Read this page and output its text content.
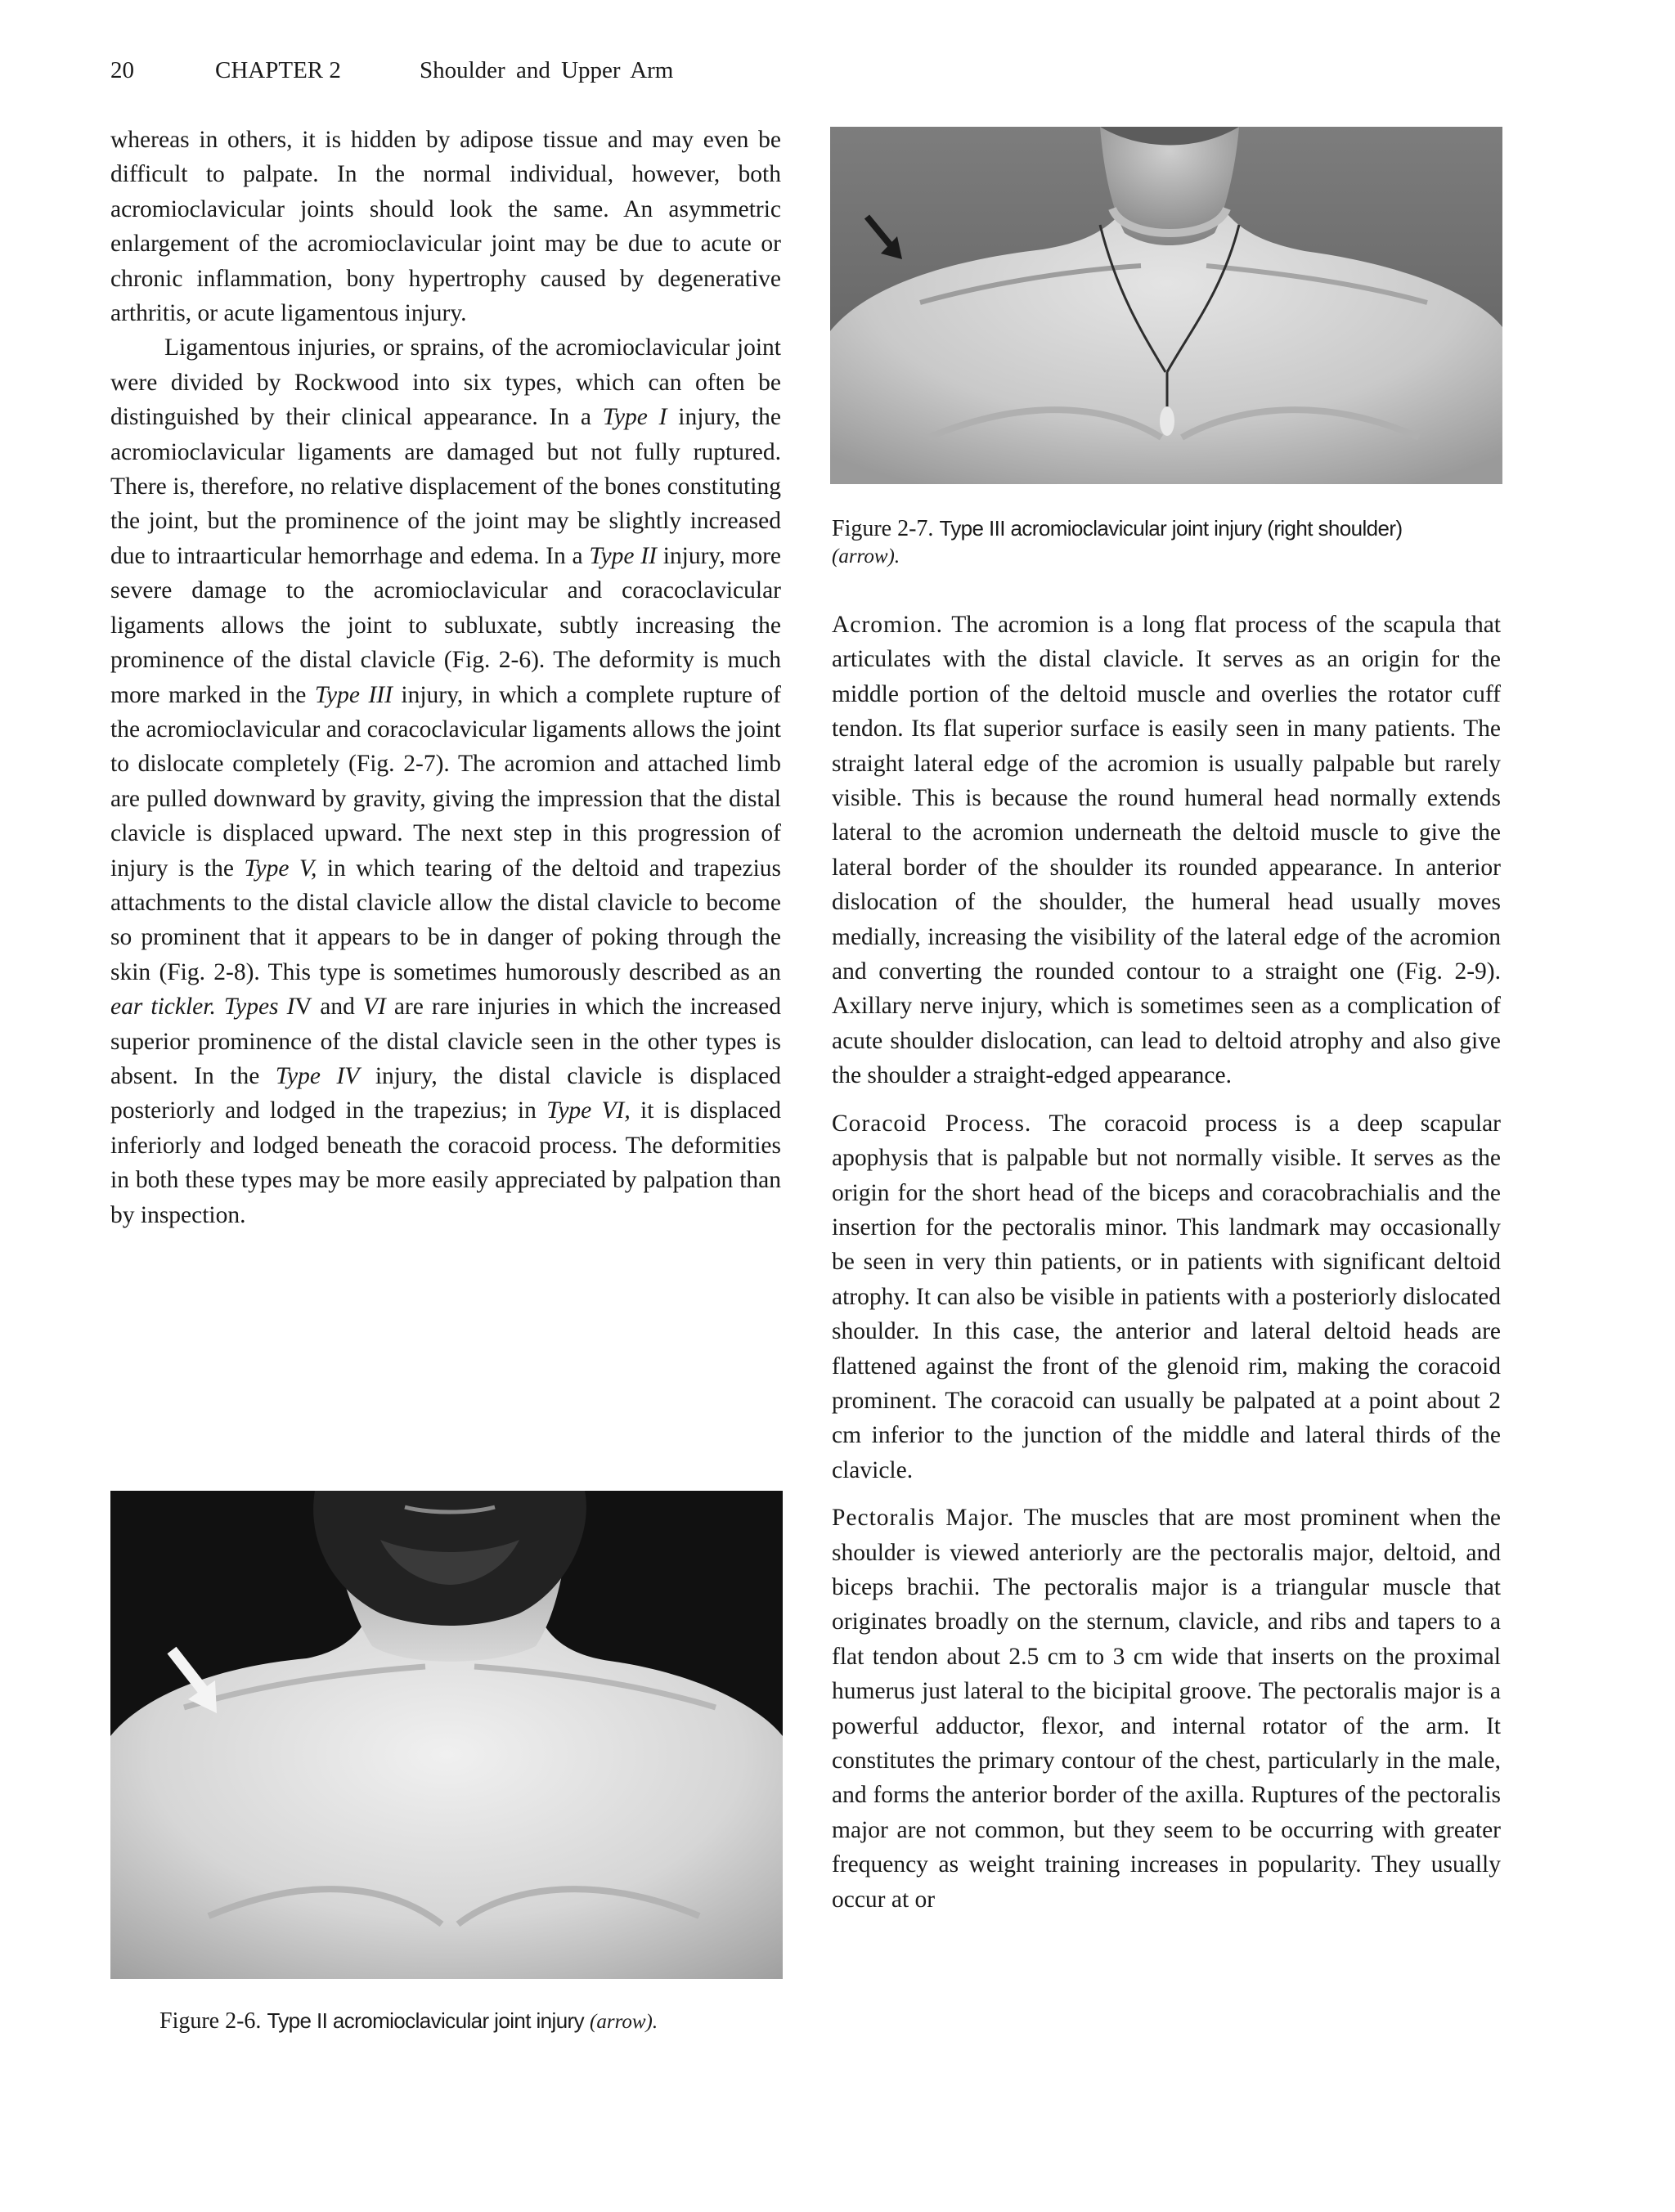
20	CHAPTER 2	Shoulder and Upper Arm

whereas in others, it is hidden by adipose tissue and may even be difficult to palpate. In the normal individual, however, both acromioclavicular joints should look the same. An asymmetric enlargement of the acromioclavicular joint may be due to acute or chronic inflammation, bony hypertrophy caused by degenerative arthritis, or acute ligamentous injury.

Ligamentous injuries, or sprains, of the acromioclavicular joint were divided by Rockwood into six types, which can often be distinguished by their clinical appearance. In a Type I injury, the acromioclavicular ligaments are damaged but not fully ruptured. There is, therefore, no relative displacement of the bones constituting the joint, but the prominence of the joint may be slightly increased due to intraarticular hemorrhage and edema. In a Type II injury, more severe damage to the acromioclavicular and coracoclavicular ligaments allows the joint to subluxate, subtly increasing the prominence of the distal clavicle (Fig. 2-6). The deformity is much more marked in the Type III injury, in which a complete rupture of the acromioclavicular and coracoclavicular ligaments allows the joint to dislocate completely (Fig. 2-7). The acromion and attached limb are pulled downward by gravity, giving the impression that the distal clavicle is displaced upward. The next step in this progression of injury is the Type V, in which tearing of the deltoid and trapezius attachments to the distal clavicle allow the distal clavicle to become so prominent that it appears to be in danger of poking through the skin (Fig. 2-8). This type is sometimes humorously described as an ear tickler. Types IV and VI are rare injuries in which the increased superior prominence of the distal clavicle seen in the other types is absent. In the Type IV injury, the distal clavicle is displaced posteriorly and lodged in the trapezius; in Type VI, it is displaced inferiorly and lodged beneath the coracoid process. The deformities in both these types may be more easily appreciated by palpation than by inspection.

Figure 2-7. Type III acromioclavicular joint injury (right shoulder)
(arrow).

Acromion. The acromion is a long flat process of the scapula that articulates with the distal clavicle. It serves as an origin for the middle portion of the deltoid muscle and overlies the rotator cuff tendon. Its flat superior surface is easily seen in many patients. The straight lateral edge of the acromion is usually palpable but rarely visible. This is because the round humeral head normally extends lateral to the acromion underneath the deltoid muscle to give the lateral border of the shoulder its rounded appearance. In anterior dislocation of the shoulder, the humeral head usually moves medially, increasing the visibility of the lateral edge of the acromion and converting the rounded contour to a straight one (Fig. 2-9). Axillary nerve injury, which is sometimes seen as a complication of acute shoulder dislocation, can lead to deltoid atrophy and also give the shoulder a straight-edged appearance.

Coracoid Process. The coracoid process is a deep scapular apophysis that is palpable but not normally visible. It serves as the origin for the short head of the biceps and coracobrachialis and the insertion for the pectoralis minor. This landmark may occasionally be seen in very thin patients, or in patients with significant deltoid atrophy. It can also be visible in patients with a posteriorly dislocated shoulder. In this case, the anterior and lateral deltoid heads are flattened against the front of the glenoid rim, making the coracoid prominent. The coracoid can usually be palpated at a point about 2 cm inferior to the junction of the middle and lateral thirds of the clavicle.

Pectoralis Major. The muscles that are most prominent when the shoulder is viewed anteriorly are the pectoralis major, deltoid, and biceps brachii. The pectoralis major is a triangular muscle that originates broadly on the sternum, clavicle, and ribs and tapers to a flat tendon about 2.5 cm to 3 cm wide that inserts on the proximal humerus just lateral to the bicipital groove. The pectoralis major is a powerful adductor, flexor, and internal rotator of the arm. It constitutes the primary contour of the chest, particularly in the male, and forms the anterior border of the axilla. Ruptures of the pectoralis major are not common, but they seem to be occurring with greater frequency as weight training increases in popularity. They usually occur at or

Figure 2-6. Type II acromioclavicular joint injury (arrow).
